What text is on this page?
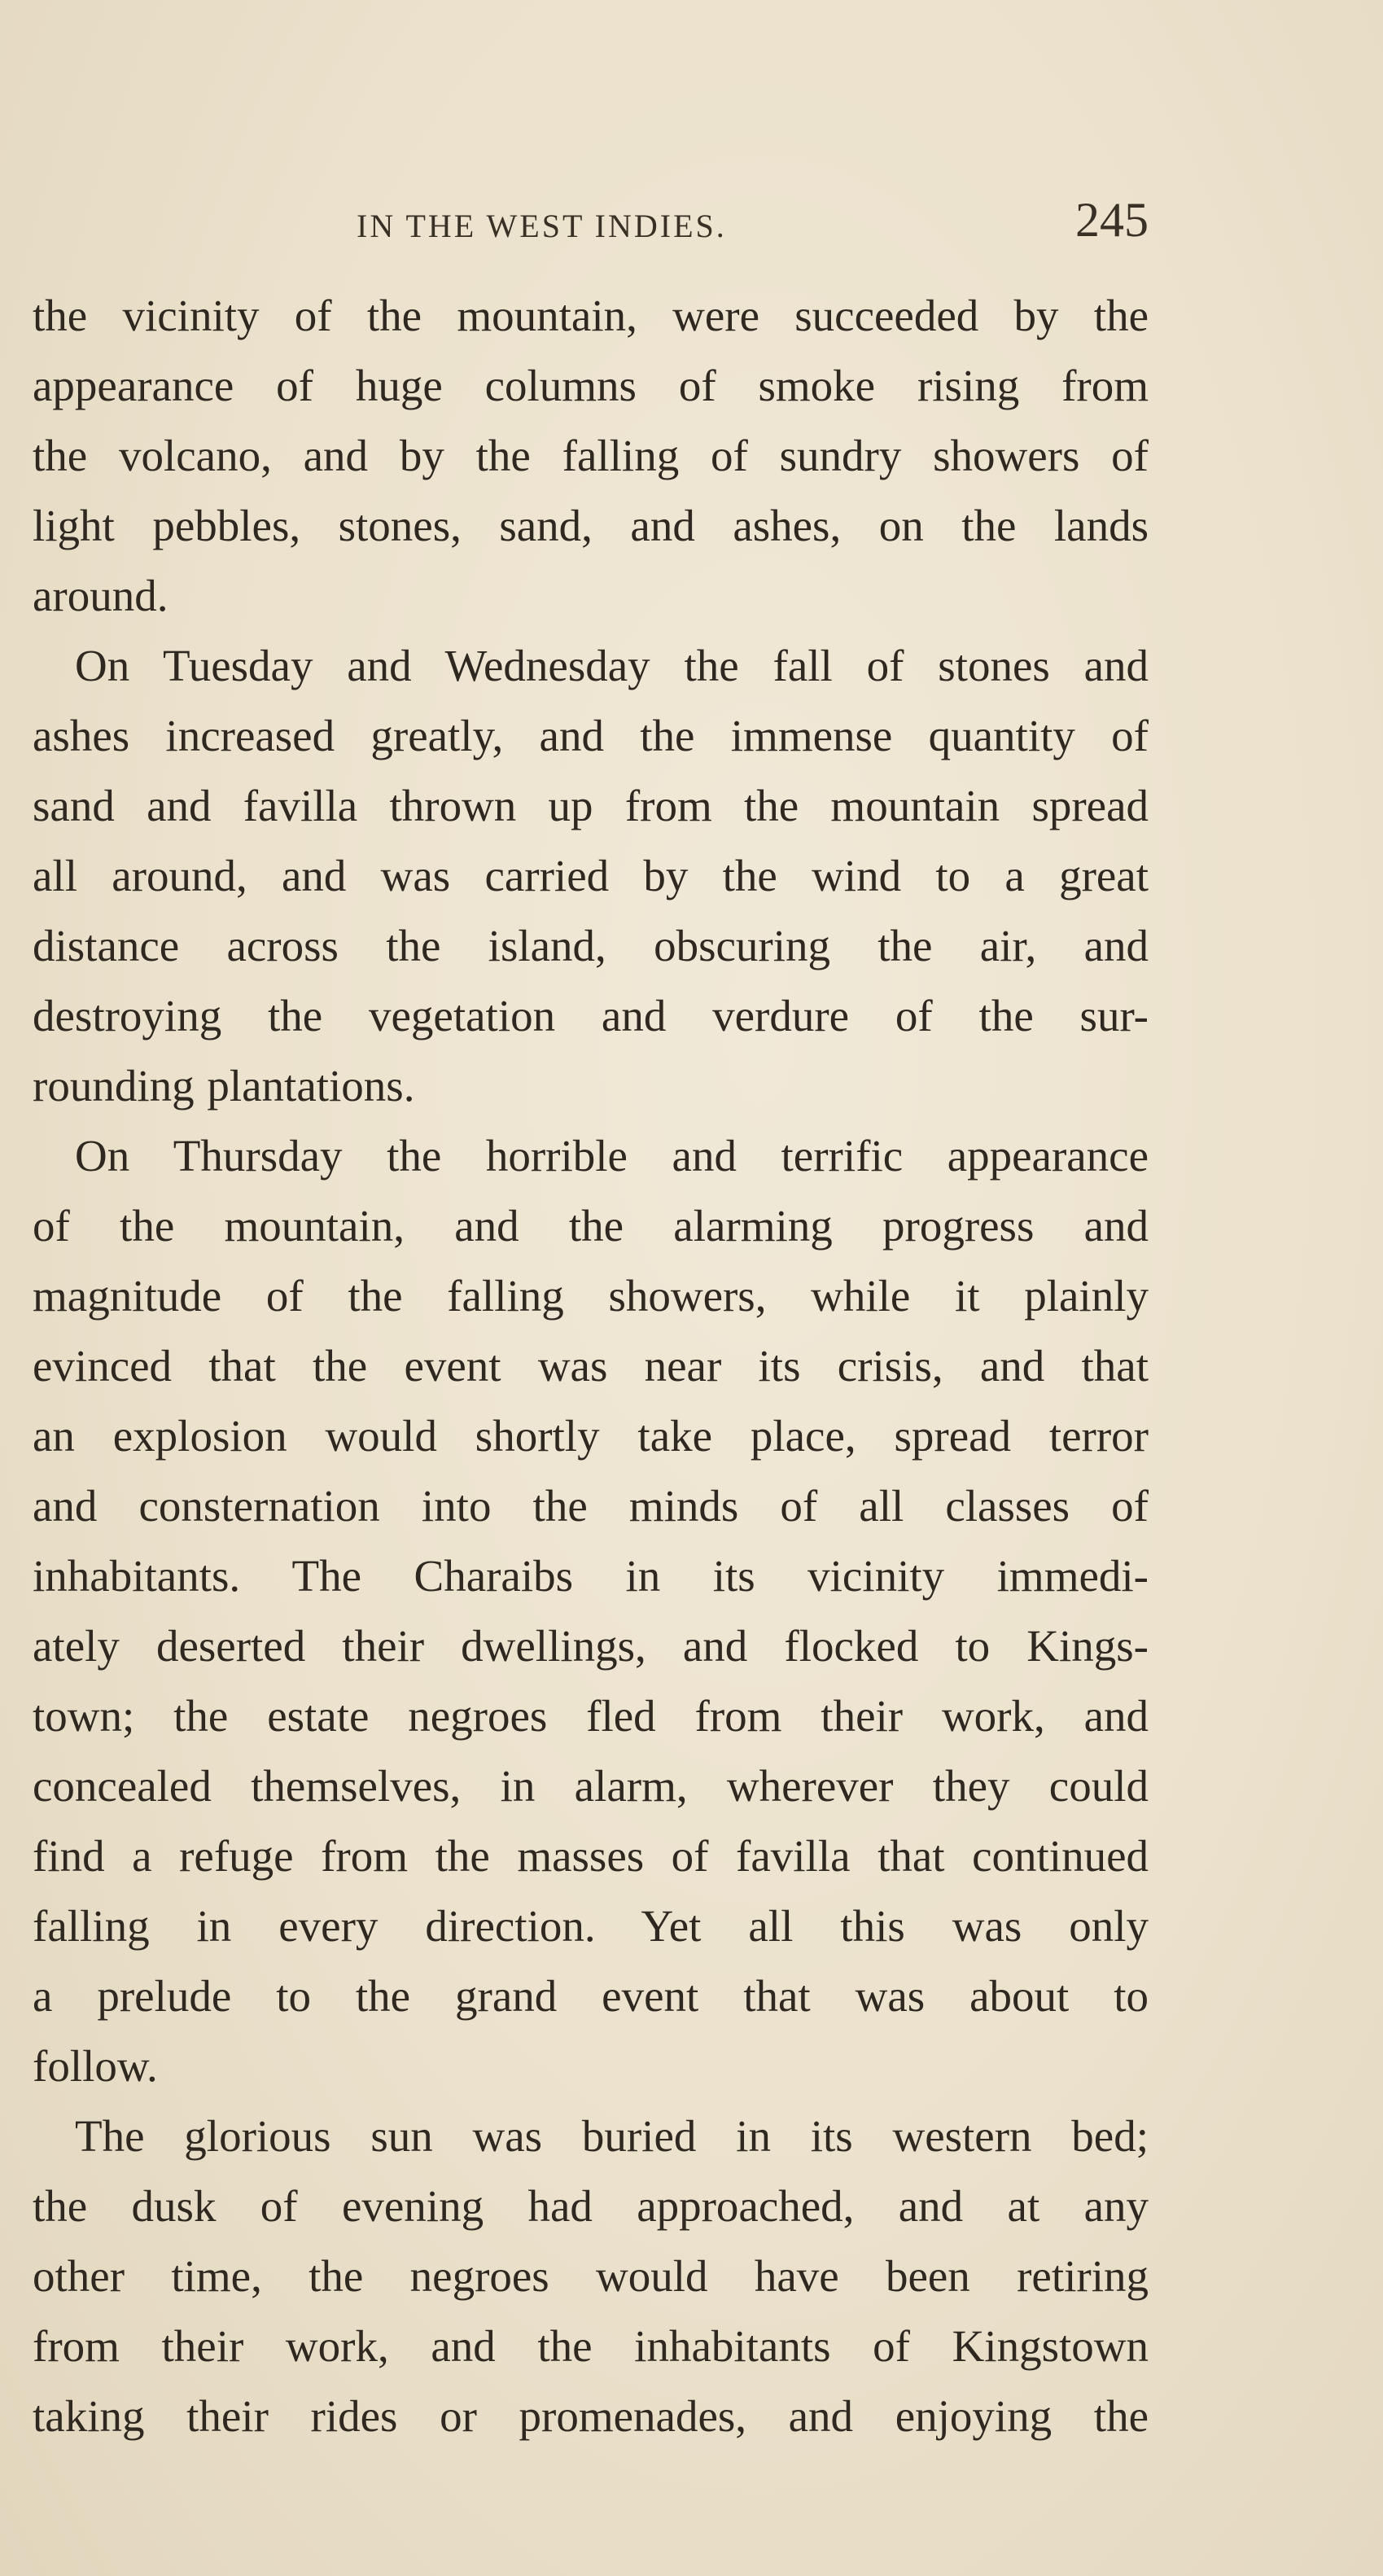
IN THE WEST INDIES.	245
the vicinity of the mountain, were succeeded by the
appearance of huge columns of smoke rising from
the volcano, and by the falling of sundry showers of
light pebbles, stones, sand, and ashes, on the lands
around.
On Tuesday and Wednesday the fall of stones and
ashes increased greatly, and the immense quantity of
sand and favilla thrown up from the mountain spread
all around, and was carried by the wind to a great
distance across the island, obscuring the air, and
destroying the vegetation and verdure of the sur-
rounding plantations.
On Thursday the horrible and terrific appearance
of the mountain, and the alarming progress and
magnitude of the falling showers, while it plainly
evinced that the event was near its crisis, and that
an explosion would shortly take place, spread terror
and consternation into the minds of all classes of
inhabitants. The Charaibs in its vicinity immedi-
ately deserted their dwellings, and flocked to Kings-
town; the estate negroes fled from their work, and
concealed themselves, in alarm, wherever they could
find a refuge from the masses of favilla that continued
falling in every direction. Yet all this was only
a prelude to the grand event that was about to
follow.
The glorious sun was buried in its western bed;
the dusk of evening had approached, and at any
other time, the negroes would have been retiring
from their work, and the inhabitants of Kingstown
taking their rides or promenades, and enjoying the
